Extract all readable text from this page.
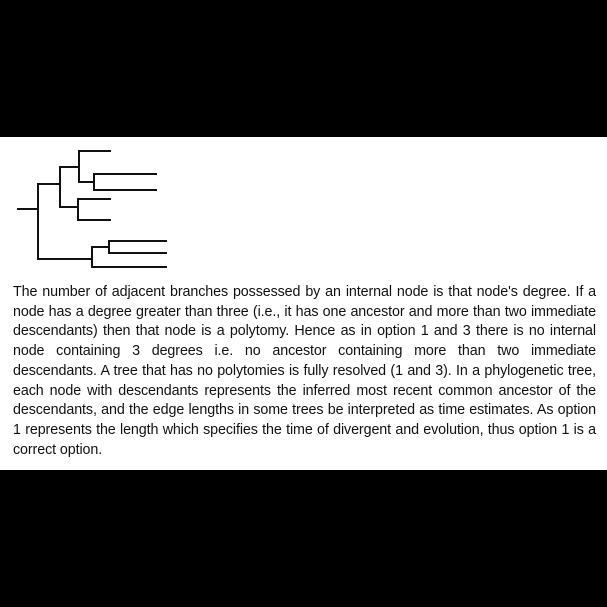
The number of adjacent branches possessed by an internal node is that node's degree. If a node has a degree greater than three (i.e., it has one ancestor and more than two immediate descendants) then that node is a polytomy. Hence as in option 1 and 3 there is no internal node containing 3 degrees i.e. no ancestor containing more than two immediate descendants. A tree that has no polytomies is fully resolved (1 and 3). In a phylogenetic tree, each node with descendants represents the inferred most recent common ancestor of the descendants, and the edge lengths in some trees be interpreted as time estimates. As option 1 represents the length which specifies the time of divergent and evolution, thus option 1 is a correct option.
